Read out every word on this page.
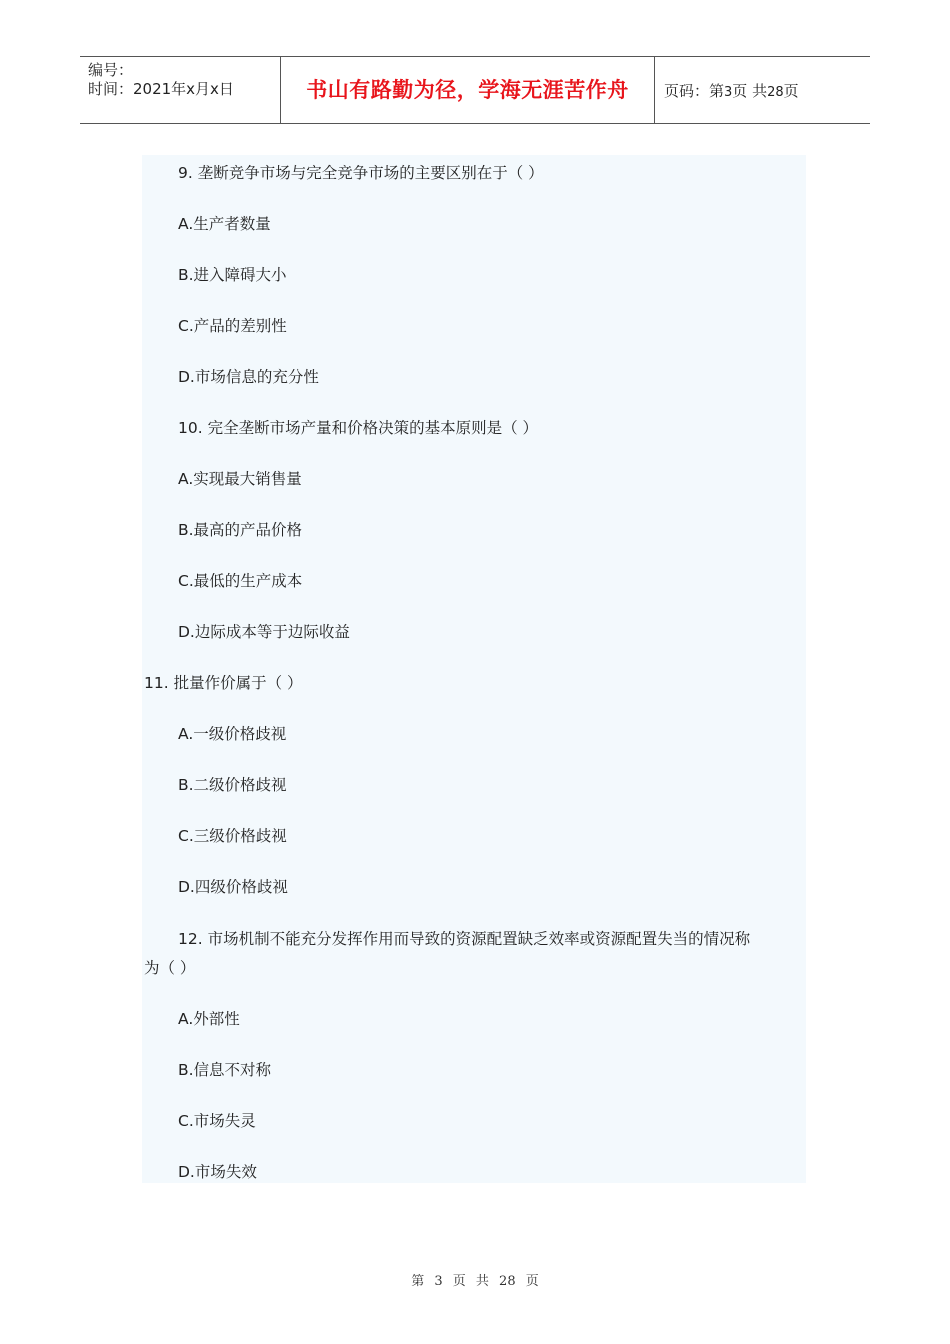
编号：
时间：2021年x月x日	书山有路勤为径，学海无涯苦作舟	页码：第3页 共28页
9. 垄断竞争市场与完全竞争市场的主要区别在于（ ）
A.生产者数量
B.进入障碍大小
C.产品的差别性
D.市场信息的充分性
10. 完全垄断市场产量和价格决策的基本原则是（ ）
A.实现最大销售量
B.最高的产品价格
C.最低的生产成本
D.边际成本等于边际收益
11. 批量作价属于（ ）
A.一级价格歧视
B.二级价格歧视
C.三级价格歧视
D.四级价格歧视
12. 市场机制不能充分发挥作用而导致的资源配置缺乏效率或资源配置失当的情况称
为（ ）
A.外部性
B.信息不对称
C.市场失灵
D.市场失效
第 3 页 共 28 页
